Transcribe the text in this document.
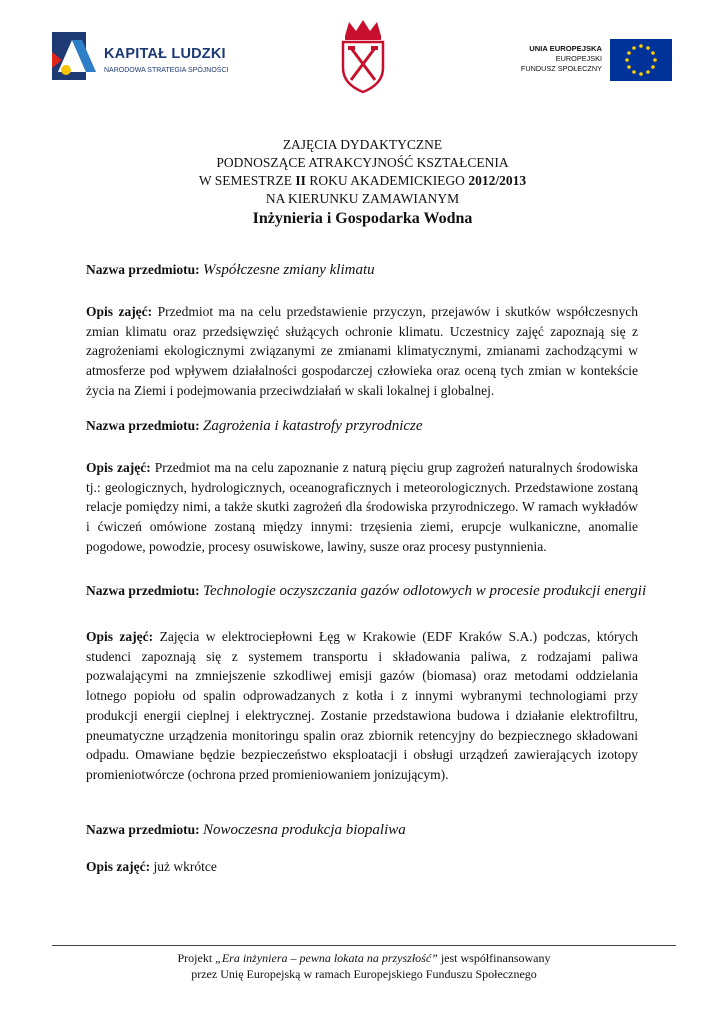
KAPITAŁ LUDZKI
NARODOWA STRATEGIA SPÓJNOŚCI
UNIA EUROPEJSKA
EUROPEJSKI
FUNDUSZ SPOŁECZNY
ZAJĘCIA DYDAKTYCZNE
PODNOSZĄCE ATRAKCYJNOŚĆ KSZTAŁCENIA
W SEMESTRZE II ROKU AKADEMICKIEGO 2012/2013
NA KIERUNKU ZAMAWIANYM
Inżynieria i Gospodarka Wodna
Nazwa przedmiotu: Współczesne zmiany klimatu
Opis zajęć: Przedmiot ma na celu przedstawienie przyczyn, przejawów i skutków współczesnych zmian klimatu oraz przedsięwzięć służących ochronie klimatu. Uczestnicy zajęć zapoznają się z zagrożeniami ekologicznymi związanymi ze zmianami klimatycznymi, zmianami zachodzącymi w atmosferze pod wpływem działalności gospodarczej człowieka oraz oceną tych zmian w kontekście życia na Ziemi i podejmowania przeciwdziałań w skali lokalnej i globalnej.
Nazwa przedmiotu: Zagrożenia i katastrofy przyrodnicze
Opis zajęć: Przedmiot ma na celu zapoznanie z naturą pięciu grup zagrożeń naturalnych środowiska tj.: geologicznych, hydrologicznych, oceanograficznych i meteorologicznych. Przedstawione zostaną relacje pomiędzy nimi, a także skutki zagrożeń dla środowiska przyrodniczego. W ramach wykładów i ćwiczeń omówione zostaną między innymi: trzęsienia ziemi, erupcje wulkaniczne, anomalie pogodowe, powodzie, procesy osuwiskowe, lawiny, susze oraz procesy pustynnienia.
Nazwa przedmiotu: Technologie oczyszczania gazów odlotowych w procesie produkcji energii
Opis zajęć: Zajęcia w elektrociepłowni Łęg w Krakowie (EDF Kraków S.A.) podczas, których studenci zapoznają się z systemem transportu i składowania paliwa, z rodzajami paliwa pozwalającymi na zmniejszenie szkodliwej emisji gazów (biomasa) oraz metodami oddzielania lotnego popiołu od spalin odprowadzanych z kotła i z innymi wybranymi technologiami przy produkcji energii cieplnej i elektrycznej. Zostanie przedstawiona budowa i działanie elektrofiltru, pneumatyczne urządzenia monitoringu spalin oraz zbiornik retencyjny do bezpiecznego składowani odpadu. Omawiane będzie bezpieczeństwo eksploatacji i obsługi urządzeń zawierających izotopy promieniotwórcze (ochrona przed promieniowaniem jonizującym).
Nazwa przedmiotu: Nowoczesna produkcja biopaliwa
Opis zajęć: już wkrótce
Projekt „Era inżyniera – pewna lokata na przyszłość” jest współfinansowany
przez Unię Europejską w ramach Europejskiego Funduszu Społecznego
